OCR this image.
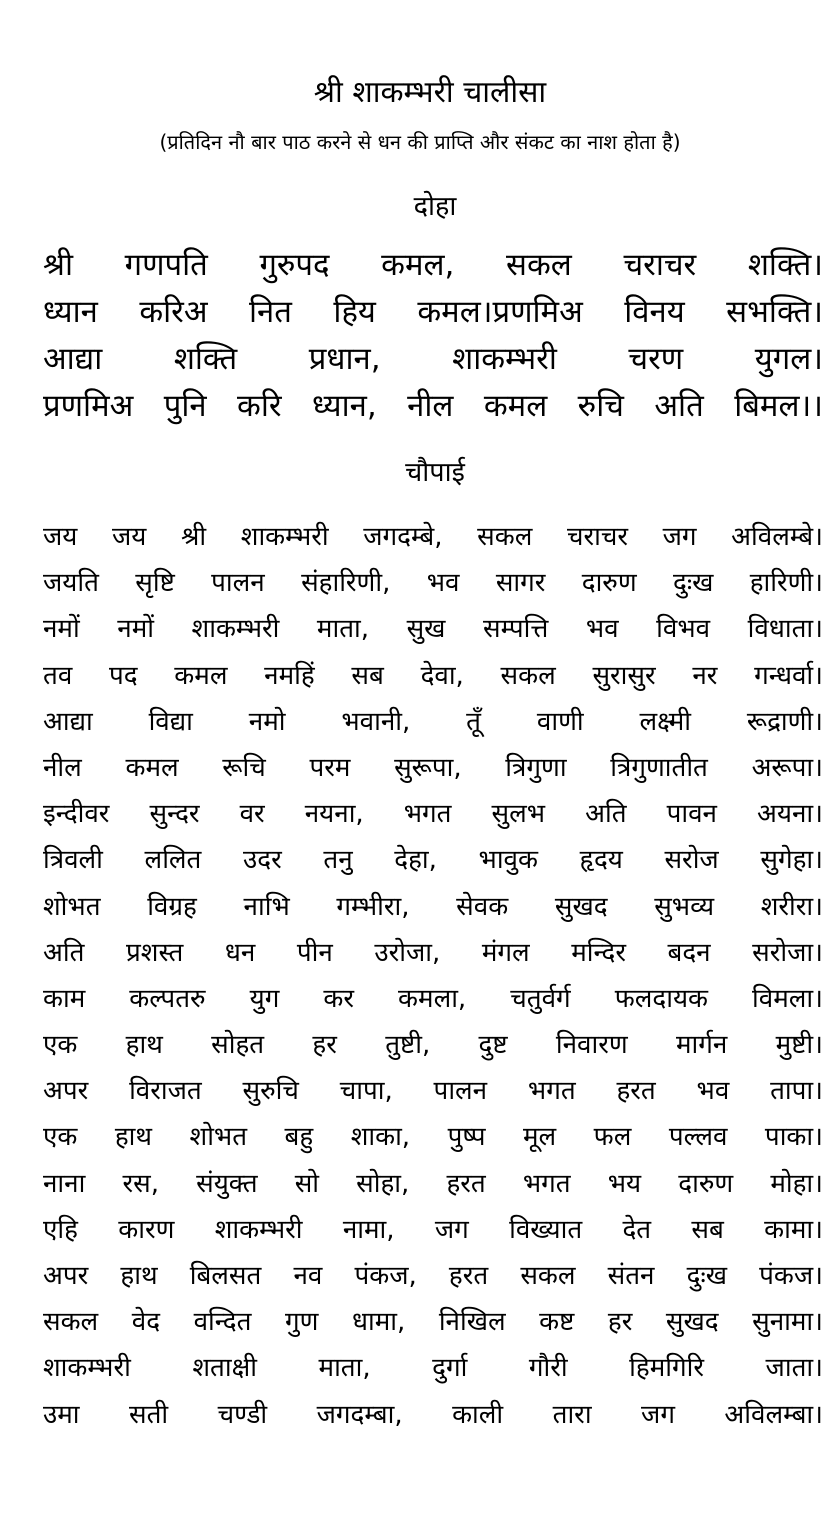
श्री शाकम्भरी चालीसा
(प्रतिदिन नौ बार पाठ करने से धन की प्राप्ति और संकट का नाश होता है)
दोहा
श्री गणपति गुरुपद कमल, सकल चराचर शक्ति।
ध्यान करिअ नित हिय कमल।प्रणमिअ विनय सभक्ति।
आद्या शक्ति प्रधान, शाकम्भरी चरण युगल।
प्रणमिअ पुनि करि ध्यान, नील कमल रुचि अति बिमल।।
चौपाई
जय जय श्री शाकम्भरी जगदम्बे, सकल चराचर जग अविलम्बे।
जयति सृष्टि पालन संहारिणी, भव सागर दारुण दुःख हारिणी।
नमों नमों शाकम्भरी माता, सुख सम्पत्ति भव विभव विधाता।
तव पद कमल नमहिं सब देवा, सकल सुरासुर नर गन्धर्वा।
आद्या विद्या नमो भवानी, तूँ वाणी लक्ष्मी रूद्राणी।
नील कमल रूचि परम सुरूपा, त्रिगुणा त्रिगुणातीत अरूपा।
इन्दीवर सुन्दर वर नयना, भगत सुलभ अति पावन अयना।
त्रिवली ललित उदर तनु देहा, भावुक हृदय सरोज सुगेहा।
शोभत विग्रह नाभि गम्भीरा, सेवक सुखद सुभव्य शरीरा।
अति प्रशस्त धन पीन उरोजा, मंगल मन्दिर बदन सरोजा।
काम कल्पतरु युग कर कमला, चतुर्वर्ग फलदायक विमला।
एक हाथ सोहत हर तुष्टी, दुष्ट निवारण मार्गन मुष्टी।
अपर विराजत सुरुचि चापा, पालन भगत हरत भव तापा।
एक हाथ शोभत बहु शाका, पुष्प मूल फल पल्लव पाका।
नाना रस, संयुक्त सो सोहा, हरत भगत भय दारुण मोहा।
एहि कारण शाकम्भरी नामा, जग विख्यात देत सब कामा।
अपर हाथ बिलसत नव पंकज, हरत सकल संतन दुःख पंकज।
सकल वेद वन्दित गुण धामा, निखिल कष्ट हर सुखद सुनामा।
शाकम्भरी शताक्षी माता, दुर्गा गौरी हिमगिरि जाता।
उमा सती चण्डी जगदम्बा, काली तारा जग अविलम्बा।
